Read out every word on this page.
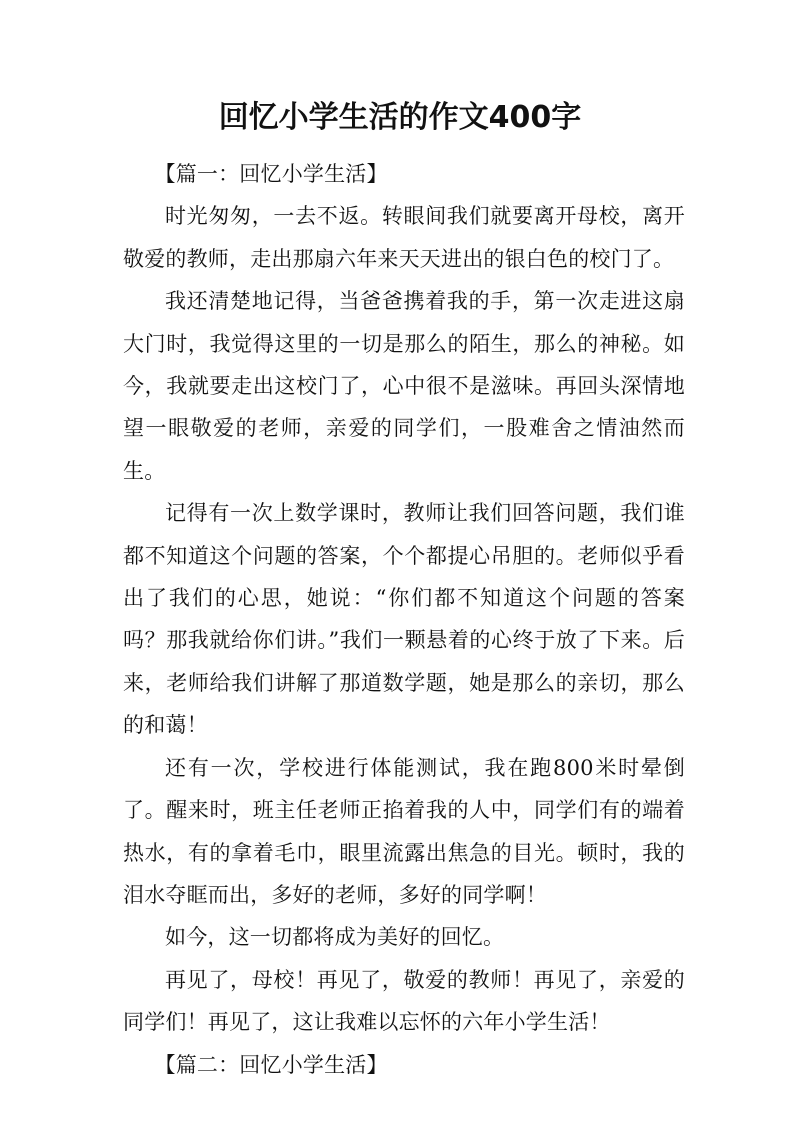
回忆小学生活的作文400字

【篇一：回忆小学生活】

时光匆匆，一去不返。转眼间我们就要离开母校，离开敬爱的教师，走出那扇六年来天天进出的银白色的校门了。

我还清楚地记得，当爸爸携着我的手，第一次走进这扇大门时，我觉得这里的一切是那么的陌生，那么的神秘。如今，我就要走出这校门了，心中很不是滋味。再回头深情地望一眼敬爱的老师，亲爱的同学们，一股难舍之情油然而生。

记得有一次上数学课时，教师让我们回答问题，我们谁都不知道这个问题的答案，个个都提心吊胆的。老师似乎看出了我们的心思，她说：“你们都不知道这个问题的答案吗？那我就给你们讲。”我们一颗悬着的心终于放了下来。后来，老师给我们讲解了那道数学题，她是那么的亲切，那么的和蔼！

还有一次，学校进行体能测试，我在跑800米时晕倒了。醒来时，班主任老师正掐着我的人中，同学们有的端着热水，有的拿着毛巾，眼里流露出焦急的目光。顿时，我的泪水夺眶而出，多好的老师，多好的同学啊！

如今，这一切都将成为美好的回忆。

再见了，母校！再见了，敬爱的教师！再见了，亲爱的同学们！再见了，这让我难以忘怀的六年小学生活！

【篇二：回忆小学生活】
